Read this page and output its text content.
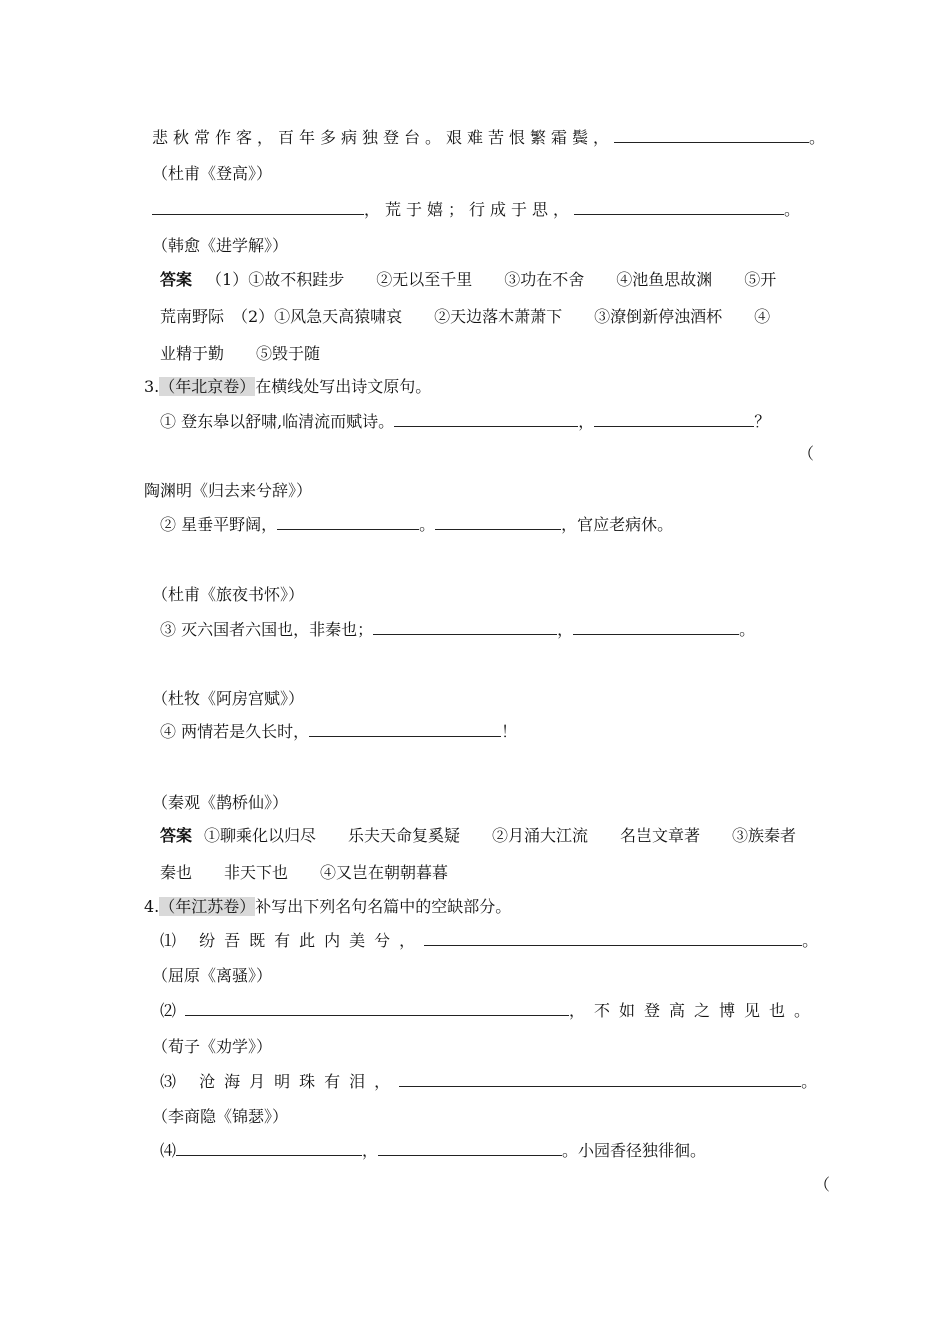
悲秋常作客，百年多病独登台。艰难苦恨繁霜鬓，	。
（杜甫《登高》）
，荒于嬉；行成于思，	。
（韩愈《进学解》）
答案 （1）①故不积跬步　　②无以至千里　　③功在不舍　　④池鱼思故渊　　⑤开
荒南野际　（2）①风急天高猿啸哀　　②天边落木萧萧下　　③潦倒新停浊酒杯　　④
业精于勤　　⑤毁于随
3.（年北京卷）在横线处写出诗文原句。
① 登东皋以舒啸,临清流而赋诗。	，	？
（
陶渊明《归去来兮辞》）
② 星垂平野阔，	。	，官应老病休。
（杜甫《旅夜书怀》）
③ 灭六国者六国也，非秦也；	，	。
（杜牧《阿房宫赋》）
④ 两情若是久长时，	！
（秦观《鹊桥仙》）
答案 ①聊乘化以归尽　　乐夫天命复奚疑　　②月涌大江流　　名岂文章著　　③族秦者
秦也　　非天下也　　④又岂在朝朝暮暮
4.（年江苏卷）补写出下列名句名篇中的空缺部分。
⑴ 纷吾既有此内美兮，	。
（屈原《离骚》）
⑵	，不如登高之博见也。
（荀子《劝学》）
⑶ 沧海月明珠有泪，	。
（李商隐《锦瑟》）
⑷	，	。小园香径独徘徊。
（
